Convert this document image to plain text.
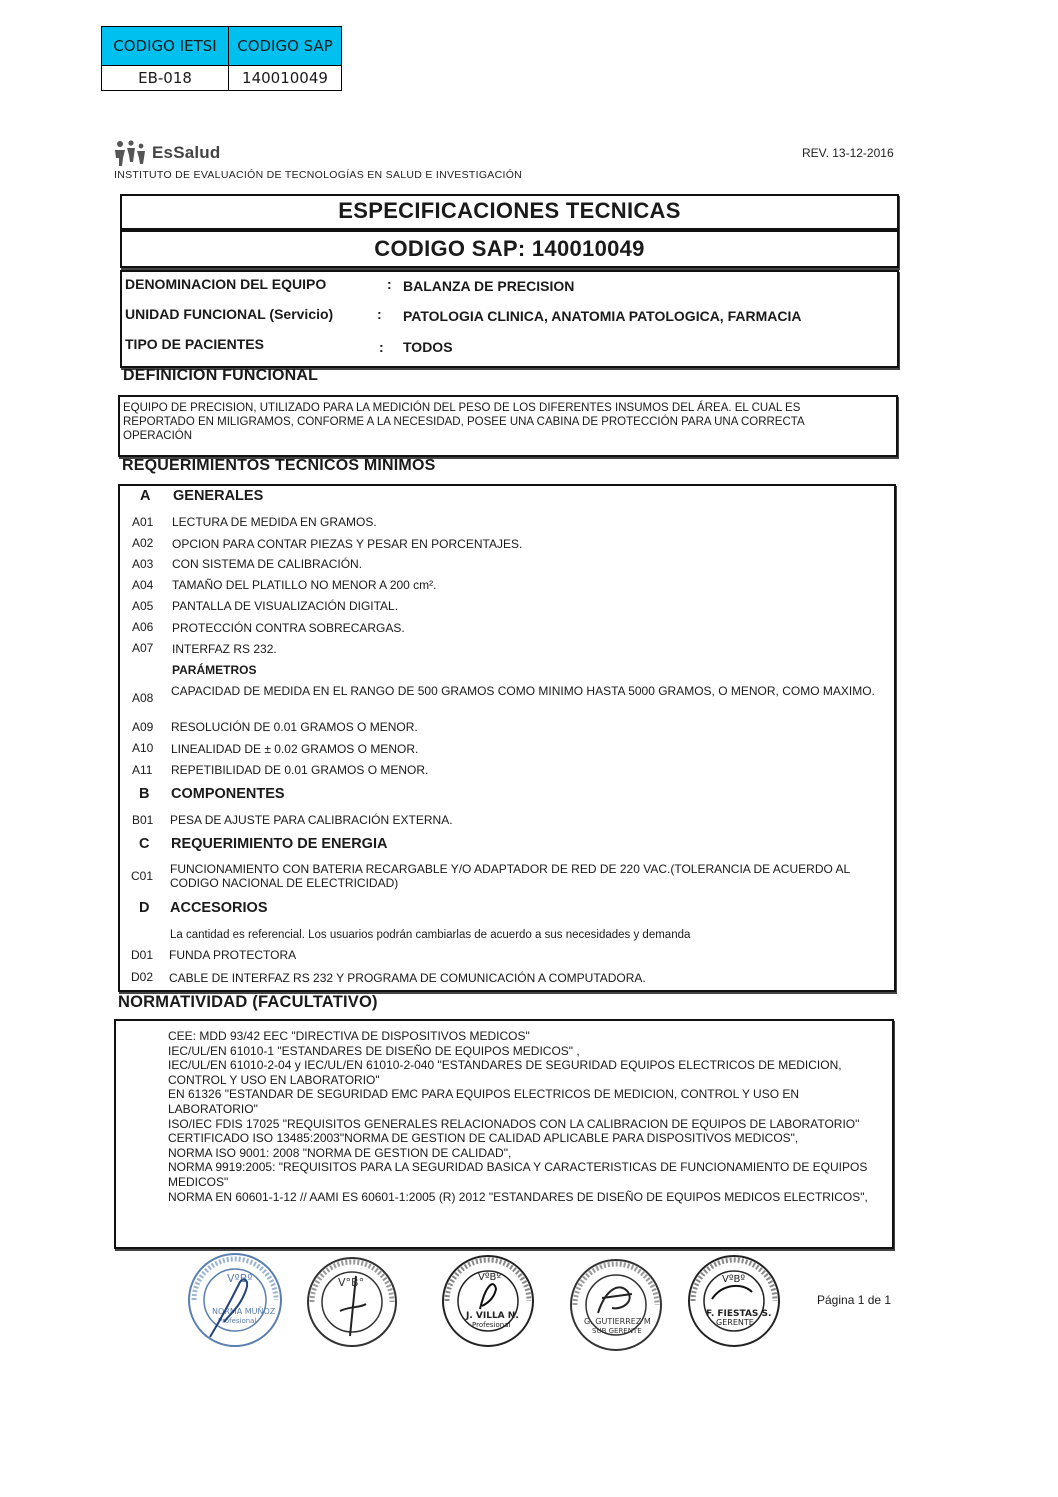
CODIGO IETSI	CODIGO SAP
EB-018	140010049
EsSalud
INSTITUTO DE EVALUACIÓN DE TECNOLOGÍAS EN SALUD E INVESTIGACIÓN
REV. 13-12-2016
ESPECIFICACIONES TECNICAS
CODIGO SAP: 140010049
DENOMINACION DEL EQUIPO	: BALANZA DE PRECISION
UNIDAD FUNCIONAL (Servicio)	: PATOLOGIA CLINICA, ANATOMIA PATOLOGICA, FARMACIA
TIPO DE PACIENTES	: TODOS
DEFINICION FUNCIONAL
EQUIPO DE PRECISION, UTILIZADO PARA LA MEDICIÓN DEL PESO DE LOS DIFERENTES INSUMOS DEL ÁREA. EL CUAL ES REPORTADO EN MILIGRAMOS, CONFORME A LA NECESIDAD, POSEE UNA CABINA DE PROTECCIÓN PARA UNA CORRECTA OPERACIÓN
REQUERIMIENTOS TECNICOS MINIMOS
A GENERALES
A01 LECTURA DE MEDIDA EN GRAMOS.
A02 OPCION PARA CONTAR PIEZAS Y PESAR EN PORCENTAJES.
A03 CON SISTEMA DE CALIBRACIÓN.
A04 TAMAÑO DEL PLATILLO NO MENOR A 200 cm².
A05 PANTALLA DE VISUALIZACIÓN DIGITAL.
A06 PROTECCIÓN CONTRA SOBRECARGAS.
A07 INTERFAZ RS 232.
PARÁMETROS
A08 CAPACIDAD DE MEDIDA EN EL RANGO DE 500 GRAMOS COMO MINIMO HASTA 5000 GRAMOS, O MENOR, COMO MAXIMO.
A09 RESOLUCIÓN DE 0.01 GRAMOS O MENOR.
A10 LINEALIDAD DE ± 0.02 GRAMOS O MENOR.
A11 REPETIBILIDAD DE 0.01 GRAMOS O MENOR.
B COMPONENTES
B01 PESA DE AJUSTE PARA CALIBRACIÓN EXTERNA.
C REQUERIMIENTO DE ENERGIA
C01 FUNCIONAMIENTO CON BATERIA RECARGABLE Y/O ADAPTADOR DE RED DE 220 VAC.(TOLERANCIA DE ACUERDO AL CODIGO NACIONAL DE ELECTRICIDAD)
D ACCESORIOS
La cantidad es referencial. Los usuarios podrán cambiarlas de acuerdo a sus necesidades y demanda
D01 FUNDA PROTECTORA
D02 CABLE DE INTERFAZ RS 232 Y PROGRAMA DE COMUNICACIÓN A COMPUTADORA.
NORMATIVIDAD (FACULTATIVO)
CEE: MDD 93/42 EEC "DIRECTIVA DE DISPOSITIVOS MEDICOS"
IEC/UL/EN 61010-1 "ESTANDARES DE DISEÑO DE EQUIPOS MEDICOS" ,
IEC/UL/EN 61010-2-04 y IEC/UL/EN 61010-2-040 "ESTANDARES DE SEGURIDAD EQUIPOS ELECTRICOS DE MEDICION, CONTROL Y USO EN LABORATORIO"
EN 61326 "ESTANDAR DE SEGURIDAD EMC PARA EQUIPOS ELECTRICOS DE MEDICION, CONTROL Y USO EN LABORATORIO"
ISO/IEC FDIS 17025 "REQUISITOS GENERALES RELACIONADOS CON LA CALIBRACION DE EQUIPOS DE LABORATORIO"
CERTIFICADO ISO 13485:2003"NORMA DE GESTION DE CALIDAD APLICABLE PARA DISPOSITIVOS MEDICOS",
NORMA ISO 9001: 2008 "NORMA DE GESTION DE CALIDAD",
NORMA 9919:2005: "REQUISITOS PARA LA SEGURIDAD BASICA Y CARACTERISTICAS DE FUNCIONAMIENTO DE EQUIPOS MEDICOS"
NORMA EN 60601-1-12 // AAMI ES 60601-1:2005 (R) 2012 "ESTANDARES DE DISEÑO DE EQUIPOS MEDICOS ELECTRICOS",
VºBº
NORMA MUÑOZ
Profesional
V°B°	VºBº
J. VILLA N.
Profesional	G. GUTIERREZ M
SUB GERENTE
VºBº
F. FIESTAS S.
GERENTE
Página 1 de 1
